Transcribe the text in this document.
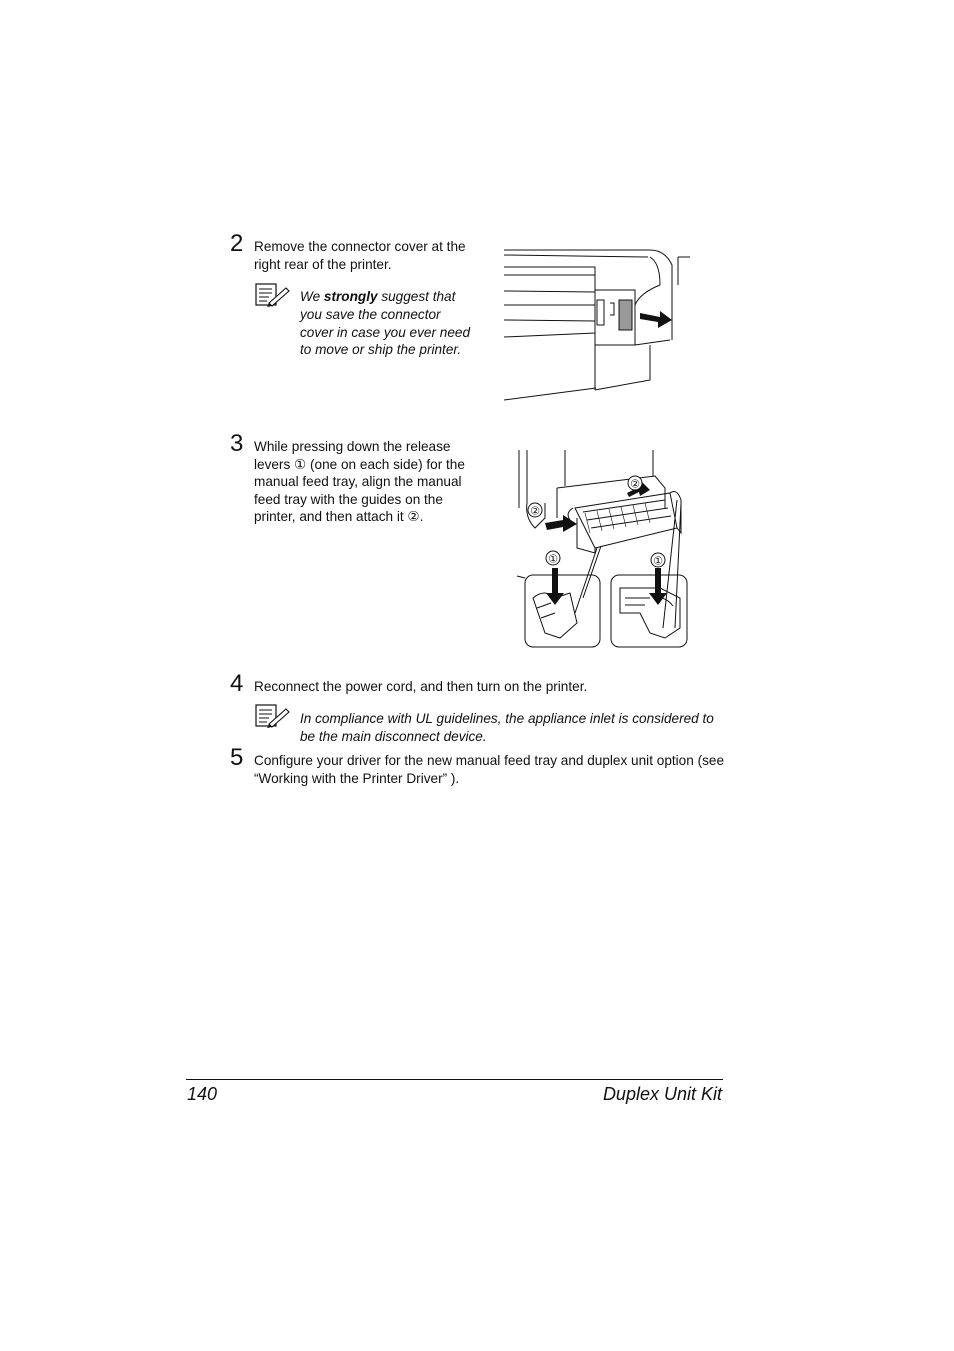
2 Remove the connector cover at the right rear of the printer.
We strongly suggest that you save the connector cover in case you ever need to move or ship the printer.
3 While pressing down the release levers ① (one on each side) for the manual feed tray, align the manual feed tray with the guides on the printer, and then attach it ②.
②
②
①	①
4 Reconnect the power cord, and then turn on the printer.
In compliance with UL guidelines, the appliance inlet is considered to be the main disconnect device.
5 Configure your driver for the new manual feed tray and duplex unit option (see “Working with the Printer Driver” ).
140	Duplex Unit Kit
